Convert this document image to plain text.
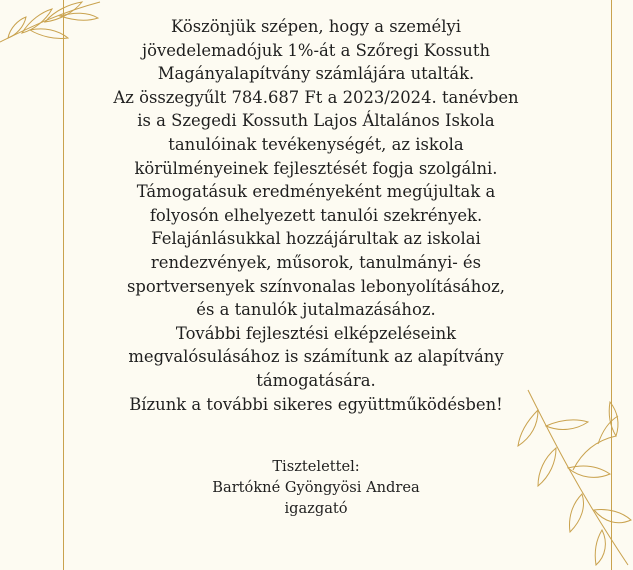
Köszönjük szépen, hogy a személyi

jövedelemadójuk 1%-át a Szőregi Kossuth

Magányalapítvány számlájára utalták.

Az összegyűlt 784.687 Ft a 2023/2024. tanévben

is a Szegedi Kossuth Lajos Általános Iskola

tanulóinak tevékenységét, az iskola

körülményeinek fejlesztését fogja szolgálni.

Támogatásuk eredményeként megújultak a

folyosón elhelyezett tanulói szekrények.

Felajánlásukkal hozzájárultak az iskolai

rendezvények, műsorok, tanulmányi- és

sportversenyek színvonalas lebonyolításához,

és a tanulók jutalmazásához.

További fejlesztési elképzeléseink

megvalósulásához is számítunk az alapítvány

támogatására.

Bízunk a további sikeres együttműködésben!

Tisztelettel:

Bartókné Gyöngyösi Andrea

igazgató
